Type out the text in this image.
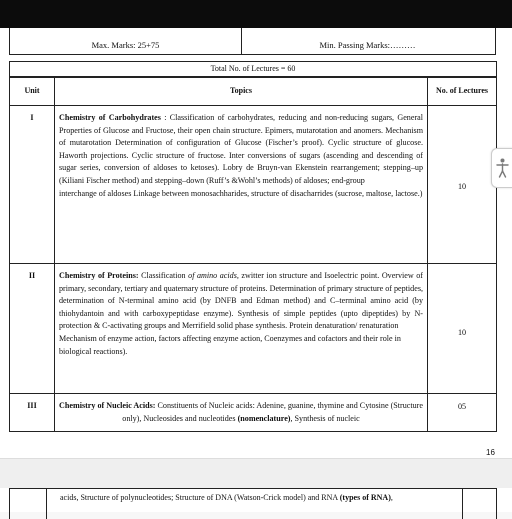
Max. Marks: 25+75	Min. Passing Marks:………
Total No. of Lectures = 60
Unit	Topics	No. of Lectures
I	Chemistry of Carbohydrates : Classification of carbohydrates, reducing and non-reducing sugars, General Properties of Glucose and Fructose, their open chain structure. Epimers, mutarotation and anomers. Mechanism of mutarotation Determination of configuration of Glucose (Fischer’s proof). Cyclic structure of glucose. Haworth projections. Cyclic structure of fructose. Inter conversions of sugars (ascending and descending of sugar series, conversion of aldoses to ketoses). Lobry de Bruyn-van Ekenstein rearrangement; stepping–up (Kiliani Fischer method) and stepping–down (Ruff’s &Wohl’s methods) of aldoses; end-group
interchange of aldoses Linkage between monosachharides, structure of disacharrides (sucrose, maltose, lactose.)	10

II	Chemistry of Proteins: Classification of amino acids, zwitter ion structure and Isoelectric point. Overview of primary, secondary, tertiary and quaternary structure of proteins. Determination of primary structure of peptides, determination of N-terminal amino acid (by DNFB and Edman method) and C–terminal amino acid (by thiohydantoin and with carboxypeptidase enzyme). Synthesis of simple peptides (upto dipeptides) by N-protection & C-activating groups and Merrifield solid phase synthesis. Protein denaturation/ renaturation
Mechanism of enzyme action, factors affecting enzyme action, Coenzymes and cofactors and their role in biological reactions).	10

III	Chemistry of Nucleic Acids: Constituents of Nucleic acids: Adenine, guanine, thymine and Cytosine (Structure only), Nucleosides and nucleotides (nomenclature), Synthesis of nucleic	05
16
acids, Structure of polynucleotides; Structure of DNA (Watson-Crick model) and RNA (types of RNA),
